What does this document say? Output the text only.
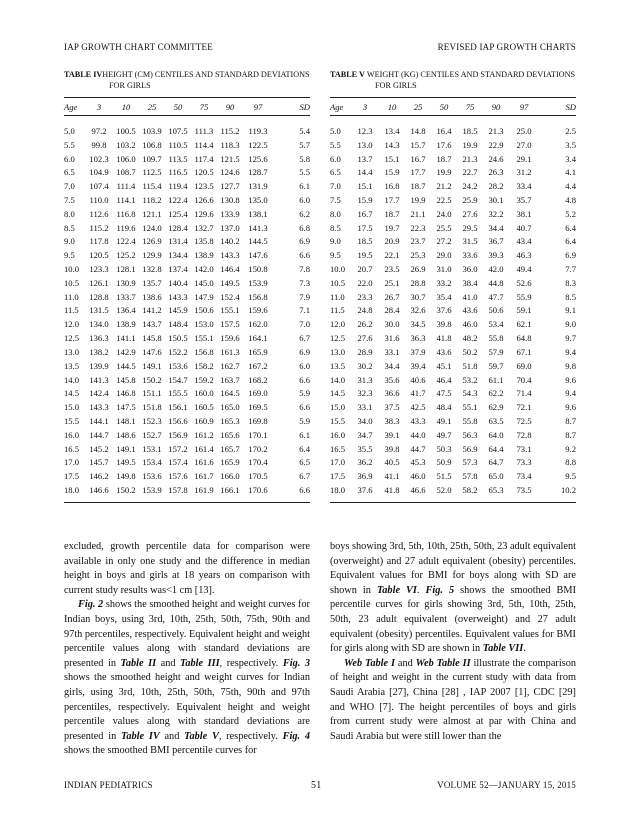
IAP GROWTH CHART COMMITTEE	REVISED IAP GROWTH CHARTS
TABLE IVHEIGHT (CM) CENTILES AND STANDARD DEVIATIONS
FOR GIRLS
Age	3	10	25	50	75	90	97	SD
5.0	97.2	100.5 103.9 107.5 111.3 115.2	119.3	5.4
5.5	99.8	103.2 106.8 110.5 114.4 118.3	122.5	5.7
6.0	102.3 106.0 109.7 113.5 117.4 121.5	125.6	5.8
6.5	104.9 108.7 112.5 116.5 120.5 124.6	128.7	5.5
7.0	107.4 111.4 115.4 119.4 123.5 127.7	131.9	6.1
7.5	110.0 114.1 118.2 122.4 126.6 130.8	135.0	6.0
8.0	112.6 116.8 121.1 125.4 129.6 133.9	138.1	6.2
8.5	115.2 119.6 124.0 128.4 132.7 137.0	141.3	6.8
9.0	117.8 122.4 126.9 131.4 135.8 140.2	144.5	6.9
9.5	120.5 125.2 129.9 134.4 138.9 143.3	147.6	6.6
10.0	123.3 128.1 132.8 137.4 142.0 146.4	150.8	7.8
10.5	126.1 130.9 135.7 140.4 145.0 149.5	153.9	7.3
11.0	128.8 133.7 138.6 143.3 147.9 152.4	156.8	7.9
11.5	131.5 136.4 141.2 145.9 150.6 155.1	159.6	7.1
12.0	134.0 138.9 143.7 148.4 153.0 157.5	162.0	7.0
12.5	136.3 141.1 145.8 150.5 155.1 159.6	164.1	6.7
13.0	138.2 142.9 147.6 152.2 156.8 161.3	165.9	6.9
13.5	139.9 144.5 149.1 153.6 158.2 162.7	167.2	6.0
14.0	141.3 145.8 150.2 154.7 159.2 163.7	168.2	6.6
14.5	142.4 146.8 151.1 155.5 160.0 164.5	169.0	5.9
15.0	143.3 147.5 151.8 156.1 160.5 165.0	169.5	6.6
15.5	144.1 148.1 152.3 156.6 160.9 165.3	169.8	5.9
16.0	144.7 148.6 152.7 156.9 161.2 165.6	170.1	6.1
16.5	145.2 149.1 153.1 157.2 161.4 165.7	170.2	6.4
17.0	145.7 149.5 153.4 157.4 161.6 165.9	170.4	6.5
17.5	146.2 149.8 153.6 157.6 161.7 166.0	170.5	6.7
18.0	146.6 150.2 153.9 157.8 161.9 166.1	170.6	6.6
TABLE V WEIGHT (KG) CENTILES AND STANDARD DEVIATIONS
FOR GIRLS
Age	3	10	25	50	75	90	97	SD
5.0	12.3	13.4	14.8	16.4	18.5	21.3	25.0	2.5
5.5	13.0	14.3	15.7	17.6	19.9	22.9	27.0	3.5
6.0	13.7	15.1	16.7	18.7	21.3	24.6	29.1	3.4
6.5	14.4	15.9	17.7	19.9	22.7	26.3	31.2	4.1
7.0	15.1	16.8	18.7	21.2	24.2	28.2	33.4	4.4
7.5	15.9	17.7	19.9	22.5	25.9	30.1	35.7	4.8
8.0	16.7	18.7	21.1	24.0	27.6	32.2	38.1	5.2
8.5	17.5	19.7	22.3	25.5	29.5	34.4	40.7	6.4
9.0	18.5	20.9	23.7	27.2	31.5	36.7	43.4	6.4
9.5	19.5	22.1	25.3	29.0	33.6	39.3	46.3	6.9
10.0	20.7	23.5	26.9	31.0	36.0	42.0	49.4	7.7
10.5	22.0	25.1	28.8	33.2	38.4	44.8	52.6	8.3
11.0	23.3	26.7	30.7	35.4	41.0	47.7	55.9	8.5
11.5	24.8	28.4	32.6	37.6	43.6	50.6	59.1	9.1
12.0	26.2	30.0	34.5	39.8	46.0	53.4	62.1	9.0
12.5	27.6	31.6	36.3	41.8	48.2	55.8	64.8	9.7
13.0	28.9	33.1	37.9	43.6	50.2	57.9	67.1	9.4
13.5	30.2	34.4	39.4	45.1	51.8	59.7	69.0	9.8
14.0	31.3	35.6	40.6	46.4	53.2	61.1	70.4	9.6
14.5	32.3	36.6	41.7	47.5	54.3	62.2	71.4	9.4
15.0	33.1	37.5	42.5	48.4	55.1	62.9	72.1	9.6
15.5	34.0	38.3	43.3	49.1	55.8	63.5	72.5	8.7
16.0	34.7	39.1	44.0	49.7	56.3	64.0	72.8	8.7
16.5	35.5	39.8	44.7	50.3	56.9	64.4	73.1	9.2
17.0	36.2	40.5	45.3	50.9	57.3	64.7	73.3	8.8
17.5	36.9	41.1	46.0	51.5	57.8	65.0	73.4	9.5
18.0	37.6	41.8	46.6	52.0	58.2	65.3	73.5	10.2

excluded, growth percentile data for comparison were available in only one study and the difference in median height in boys and girls at 18 years on comparison with current study results was<1 cm [13].

Fig. 2 shows the smoothed height and weight curves for Indian boys, using 3rd, 10th, 25th, 50th, 75th, 90th and 97th percentiles, respectively. Equivalent height and weight percentile values along with standard deviations are presented in Table II and Table III, respectively. Fig. 3 shows the smoothed height and weight curves for Indian girls, using 3rd, 10th, 25th, 50th, 75th, 90th and 97th percentiles, respectively. Equivalent height and weight percentile values along with standard deviations are presented in Table IV and Table V, respectively. Fig. 4 shows the smoothed BMI percentile curves for

boys showing 3rd, 5th, 10th, 25th, 50th, 23 adult equivalent (overweight) and 27 adult equivalent (obesity) percentiles. Equivalent values for BMI for boys along with SD are shown in Table VI. Fig. 5 shows the smoothed BMI percentile curves for girls showing 3rd, 5th, 10th, 25th, 50th, 23 adult equivalent (overweight) and 27 adult equivalent (obesity) percentiles. Equivalent values for BMI for girls along with SD are shown in Table VII.

Web Table I and Web Table II illustrate the comparison of height and weight in the current study with data from Saudi Arabia [27], China [28] , IAP 2007 [1], CDC [29] and WHO [7]. The height percentiles of boys and girls from current study were almost at par with China and Saudi Arabia but were still lower than the

INDIAN PEDIATRICS	51	VOLUME 52—JANUARY 15, 2015
